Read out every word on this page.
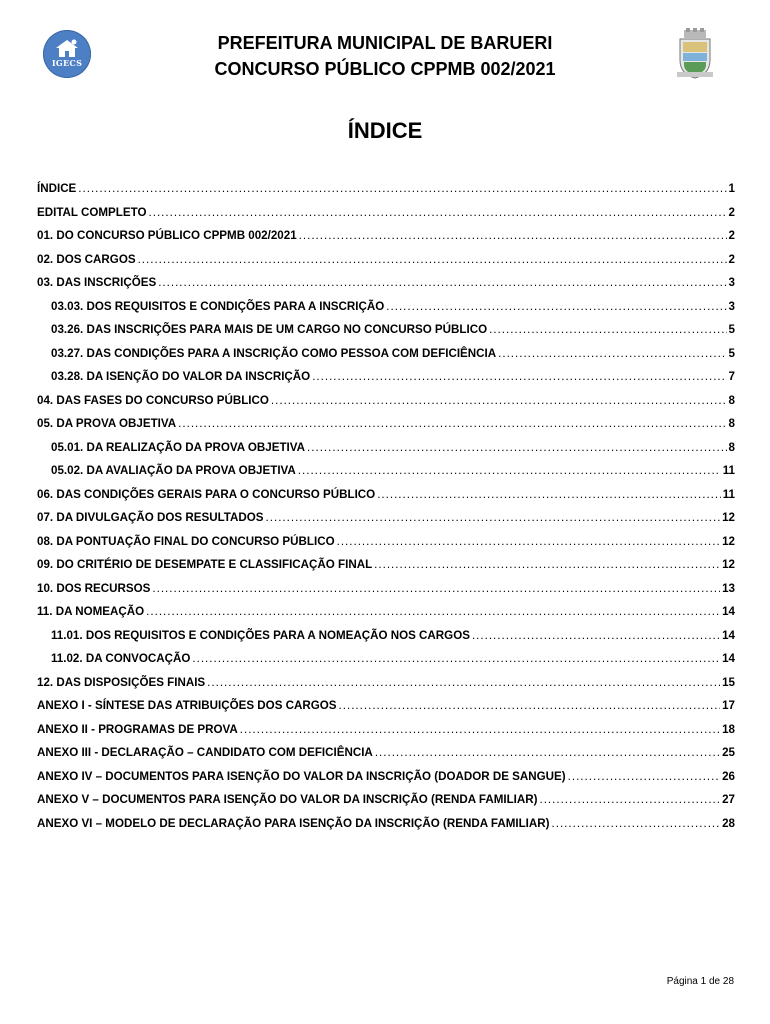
IGECS
PREFEITURA MUNICIPAL DE BARUERI
CONCURSO PÚBLICO CPPMB 002/2021
ÍNDICE
ÍNDICE .....	1
EDITAL COMPLETO .....	2
01. DO CONCURSO PÚBLICO CPPMB 002/2021 .....	2
02. DOS CARGOS .....	2
03. DAS INSCRIÇÕES .....	3
03.03. DOS REQUISITOS E CONDIÇÕES PARA A INSCRIÇÃO .....	3
03.26. DAS INSCRIÇÕES PARA MAIS DE UM CARGO NO CONCURSO PÚBLICO .....	5
03.27. DAS CONDIÇÕES PARA A INSCRIÇÃO COMO PESSOA COM DEFICIÊNCIA .....	5
03.28. DA ISENÇÃO DO VALOR DA INSCRIÇÃO .....	7
04. DAS FASES DO CONCURSO PÚBLICO .....	8
05. DA PROVA OBJETIVA .....	8
05.01. DA REALIZAÇÃO DA PROVA OBJETIVA .....	8
05.02. DA AVALIAÇÃO DA PROVA OBJETIVA .....	11
06. DAS CONDIÇÕES GERAIS PARA O CONCURSO PÚBLICO .....	11
07. DA DIVULGAÇÃO DOS RESULTADOS .....	12
08. DA PONTUAÇÃO FINAL DO CONCURSO PÚBLICO .....	12
09. DO CRITÉRIO DE DESEMPATE E CLASSIFICAÇÃO FINAL .....	12
10. DOS RECURSOS .....	13
11. DA NOMEAÇÃO .....	14
11.01. DOS REQUISITOS E CONDIÇÕES PARA A NOMEAÇÃO NOS CARGOS .....	14
11.02. DA CONVOCAÇÃO .....	14
12. DAS DISPOSIÇÕES FINAIS .....	15
ANEXO I - SÍNTESE DAS ATRIBUIÇÕES DOS CARGOS .....	17
ANEXO II - PROGRAMAS DE PROVA .....	18
ANEXO III - DECLARAÇÃO – CANDIDATO COM DEFICIÊNCIA .....	25
ANEXO IV – DOCUMENTOS PARA ISENÇÃO DO VALOR DA INSCRIÇÃO (DOADOR DE SANGUE) .....	26
ANEXO V – DOCUMENTOS PARA ISENÇÃO DO VALOR DA INSCRIÇÃO (RENDA FAMILIAR) .....	27
ANEXO VI – MODELO DE DECLARAÇÃO PARA ISENÇÃO DA INSCRIÇÃO (RENDA FAMILIAR) .....	28
Página 1 de 28
